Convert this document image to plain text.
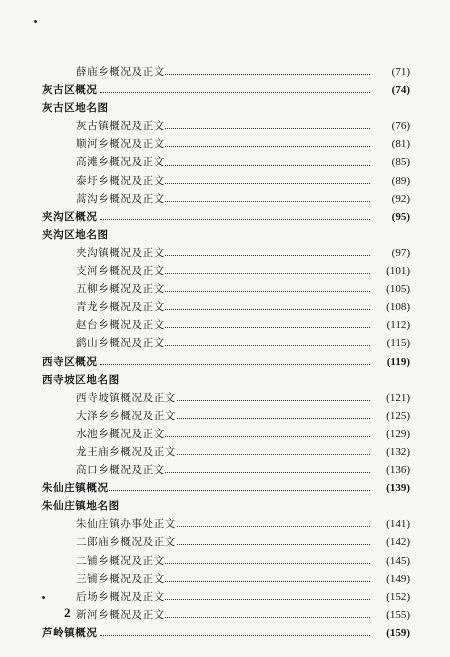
薛庙乡概况及正文	(71)
灰古区概况	(74)
灰古区地名图
灰古镇概况及正文	(76)
顺河乡概况及正文	(81)
高滩乡概况及正文	(85)
泰圩乡概况及正文	(89)
蒿沟乡概况及正文	(92)
夹沟区概况	(95)
夹沟区地名图
夹沟镇概况及正文	(97)
支河乡概况及正文	(101)
五柳乡概况及正文	(105)
青龙乡概况及正文	(108)
赵台乡概况及正文	(112)
鹞山乡概况及正文	(115)
西寺区概况	(119)
西寺坡区地名图
西寺坡镇概况及正文	(121)
大泽乡乡概况及正文	(125)
水池乡概况及正文	(129)
龙王庙乡概况及正文	(132)
高口乡概况及正文	(136)
朱仙庄镇概况	(139)
朱仙庄镇地名图
朱仙庄镇办事处正文	(141)
二郎庙乡概况及正文	(142)
二铺乡概况及正文	(145)
三铺乡概况及正文	(149)
后场乡概况及正文	(152)
新河乡概况及正文	(155)
芦岭镇概况	(159)
2
